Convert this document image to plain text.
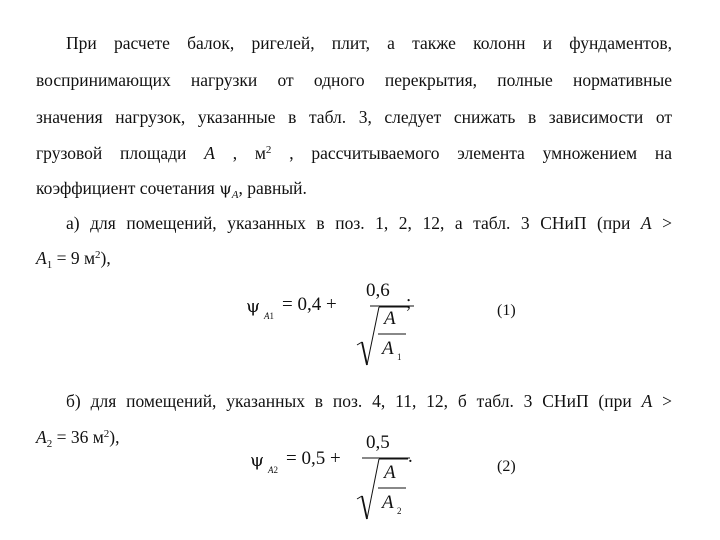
При расчете балок, ригелей, плит, а также колонн и фундаментов,
воспринимающих нагрузки от одного перекрытия, полные нормативные
значения нагрузок, указанные в табл. 3, следует снижать в зависимости от
грузовой площади А , $м^2$ , рассчитываемого элемента умножением на
коэффициент сочетания $\psi_A$, равный.
а) для помещений, указанных в поз. 1, 2, 12, а табл. 3 СНиП (при А >
$А_1 = 9$ $м^2$),
ψ A1
= 0,4 +
0,6
A
A 1
;	(1)
б) для помещений, указанных в поз. 4, 11, 12, б табл. 3 СНиП (при А >
$А_2 = 36$ $м^2$),
ψ A2
= 0,5 +
0,5
A
A 2
.	(2)
